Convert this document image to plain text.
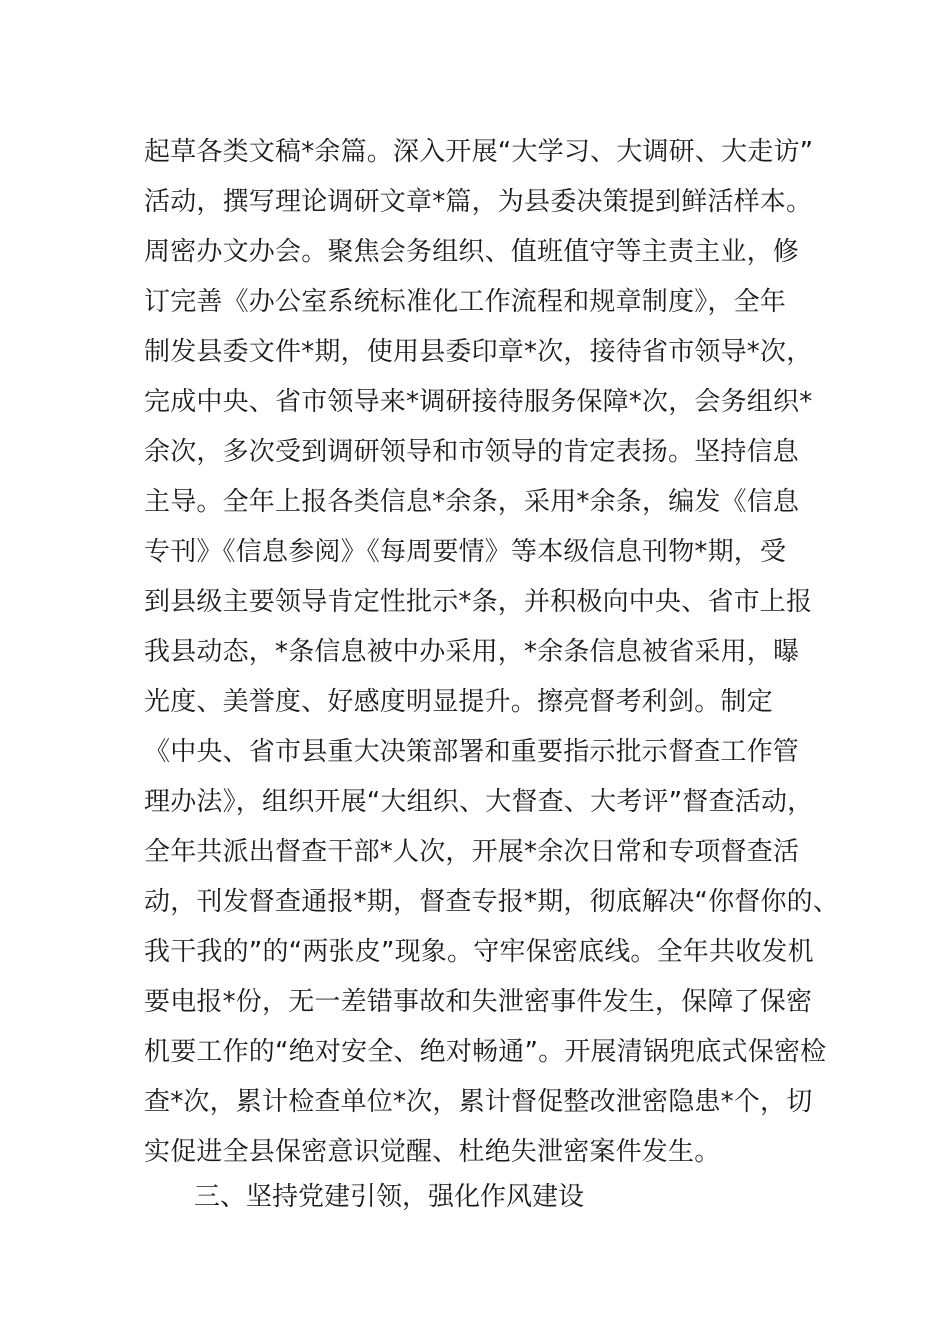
起草各类文稿*余篇。深入开展“大学习、大调研、大走访”
活动，撰写理论调研文章*篇，为县委决策提到鲜活样本。
周密办文办会。聚焦会务组织、值班值守等主责主业，修
订完善《办公室系统标准化工作流程和规章制度》，全年
制发县委文件*期，使用县委印章*次，接待省市领导*次，
完成中央、省市领导来*调研接待服务保障*次，会务组织*
余次，多次受到调研领导和市领导的肯定表扬。坚持信息
主导。全年上报各类信息*余条，采用*余条，编发《信息
专刊》《信息参阅》《每周要情》等本级信息刊物*期，受
到县级主要领导肯定性批示*条，并积极向中央、省市上报
我县动态，*条信息被中办采用，*余条信息被省采用，曝
光度、美誉度、好感度明显提升。擦亮督考利剑。制定
《中央、省市县重大决策部署和重要指示批示督查工作管
理办法》，组织开展“大组织、大督查、大考评”督查活动，
全年共派出督查干部*人次，开展*余次日常和专项督查活
动，刊发督查通报*期，督查专报*期，彻底解决“你督你的、
我干我的”的“两张皮”现象。守牢保密底线。全年共收发机
要电报*份，无一差错事故和失泄密事件发生，保障了保密
机要工作的“绝对安全、绝对畅通”。开展清锅兜底式保密检
查*次，累计检查单位*次，累计督促整改泄密隐患*个，切
实促进全县保密意识觉醒、杜绝失泄密案件发生。
三、坚持党建引领，强化作风建设
